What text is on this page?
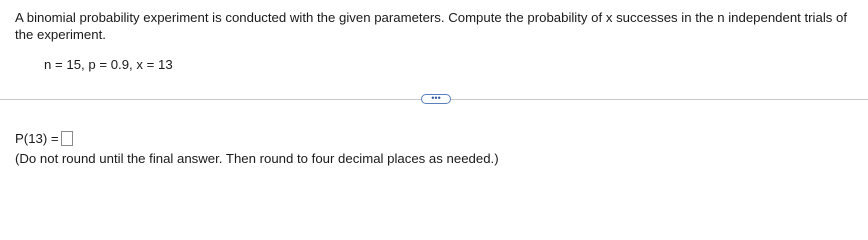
A binomial probability experiment is conducted with the given parameters. Compute the probability of x successes in the n independent trials of the experiment.
n = 15, p = 0.9, x = 13
•••
P(13) =
(Do not round until the final answer. Then round to four decimal places as needed.)
